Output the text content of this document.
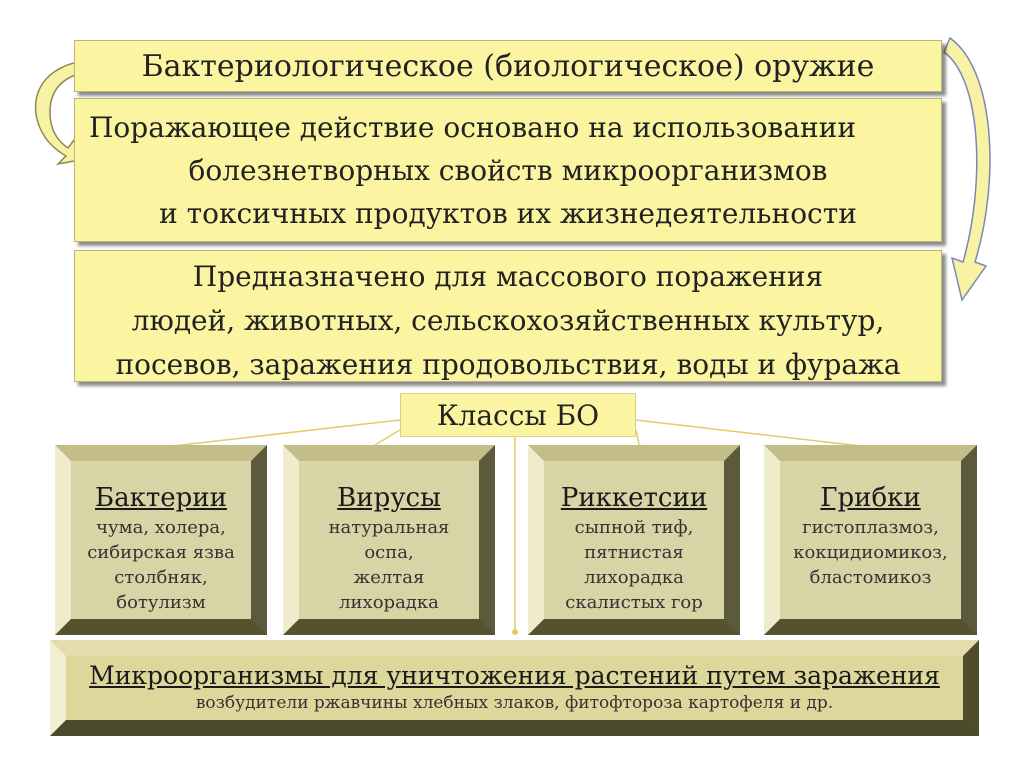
Бактериологическое (биологическое) оружие
Поражающее действие основано на использовании
болезнетворных свойств микроорганизмов
и токсичных продуктов их жизнедеятельности
Предназначено для массового поражения
людей, животных, сельскохозяйственных культур,
посевов, заражения продовольствия, воды и фуража
Классы БО
Бактерии
чума, холера,
сибирская язва
столбняк,
ботулизм
Вирусы
натуральная
оспа,
желтая
лихорадка
Риккетсии
сыпной тиф,
пятнистая
лихорадка
скалистых гор
Грибки
гистоплазмоз,
кокцидиомикоз,
бластомикоз
Микроорганизмы для уничтожения растений путем заражения
возбудители ржавчины хлебных злаков, фитофтороза картофеля и др.
